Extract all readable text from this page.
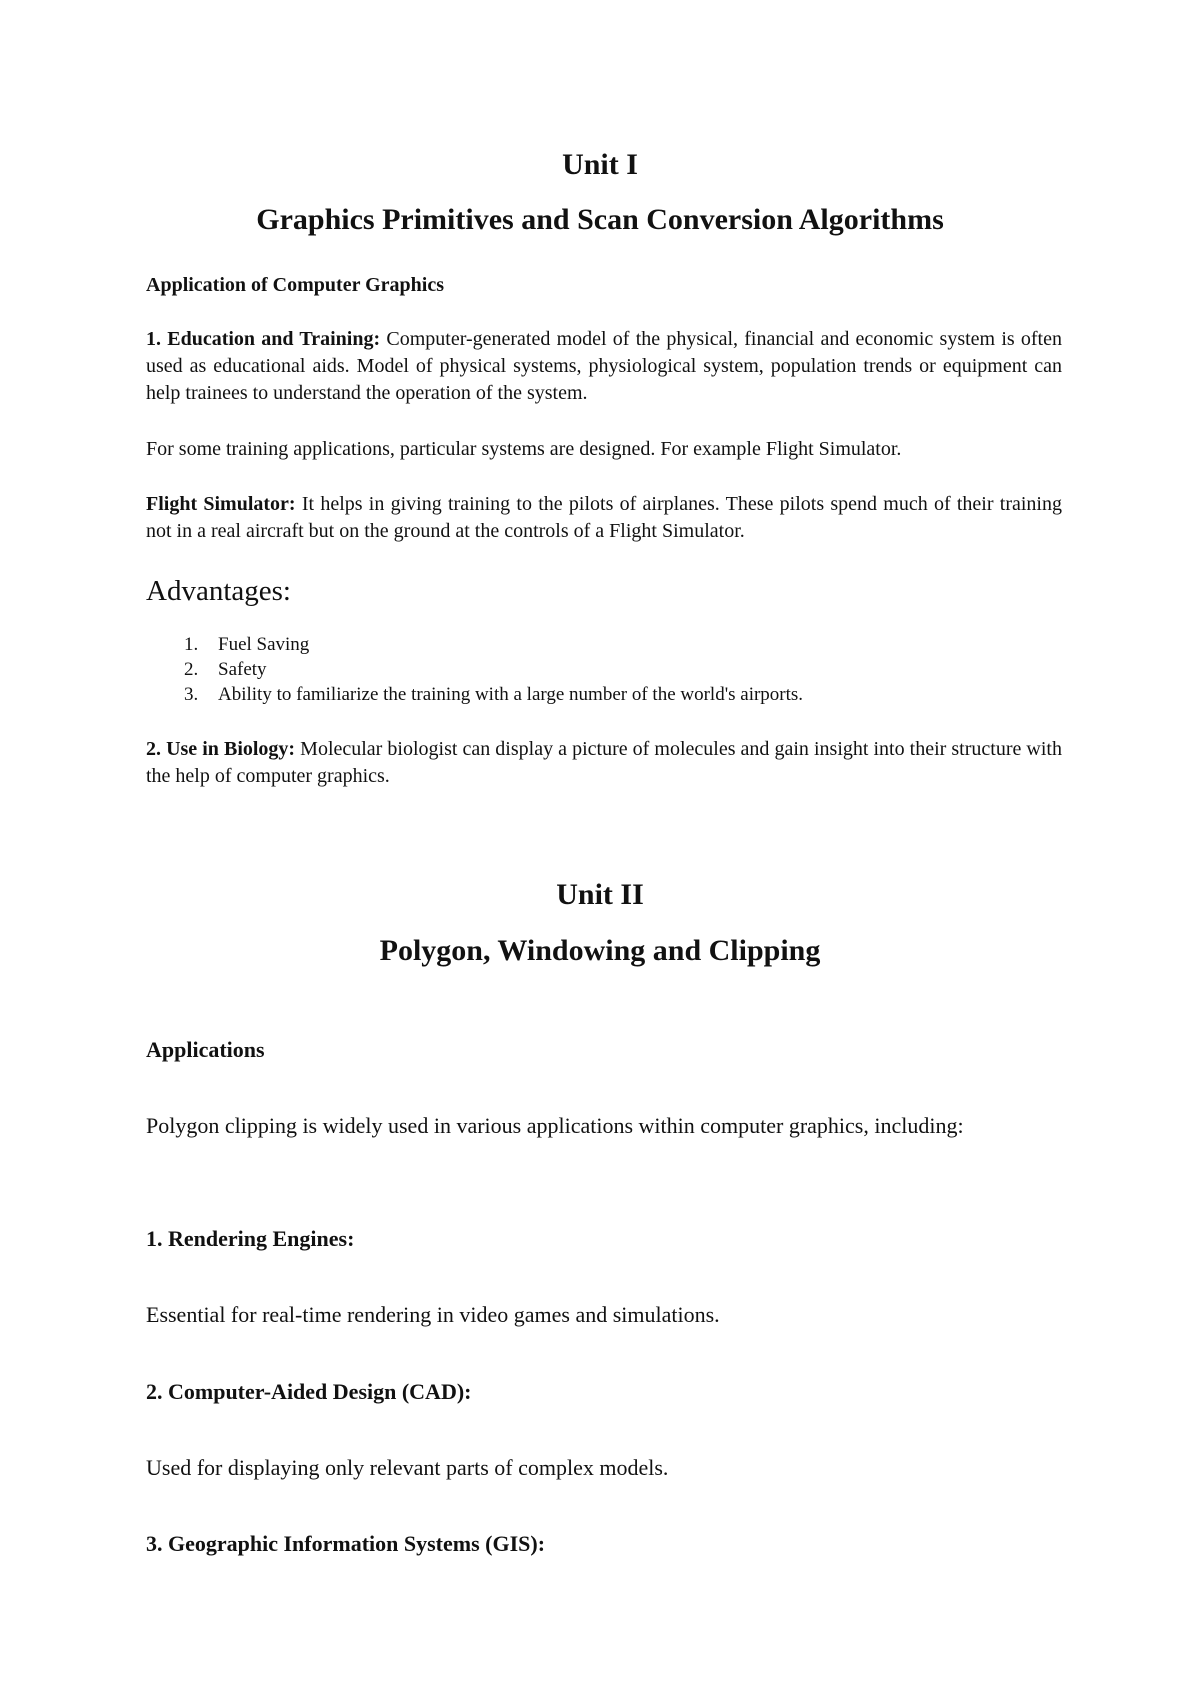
Unit I
Graphics Primitives and Scan Conversion Algorithms
Application of Computer Graphics

1. Education and Training: Computer-generated model of the physical, financial and economic system is often used as educational aids. Model of physical systems, physiological system, population trends or equipment can help trainees to understand the operation of the system.

For some training applications, particular systems are designed. For example Flight Simulator.

Flight Simulator: It helps in giving training to the pilots of airplanes. These pilots spend much of their training not in a real aircraft but on the ground at the controls of a Flight Simulator.

Advantages:
1. Fuel Saving
2. Safety
3. Ability to familiarize the training with a large number of the world's airports.

2. Use in Biology: Molecular biologist can display a picture of molecules and gain insight into their structure with the help of computer graphics.

Unit II
Polygon, Windowing and Clipping
Applications

Polygon clipping is widely used in various applications within computer graphics, including:

1. Rendering Engines:
Essential for real-time rendering in video games and simulations.
2. Computer-Aided Design (CAD):
Used for displaying only relevant parts of complex models.
3. Geographic Information Systems (GIS):
